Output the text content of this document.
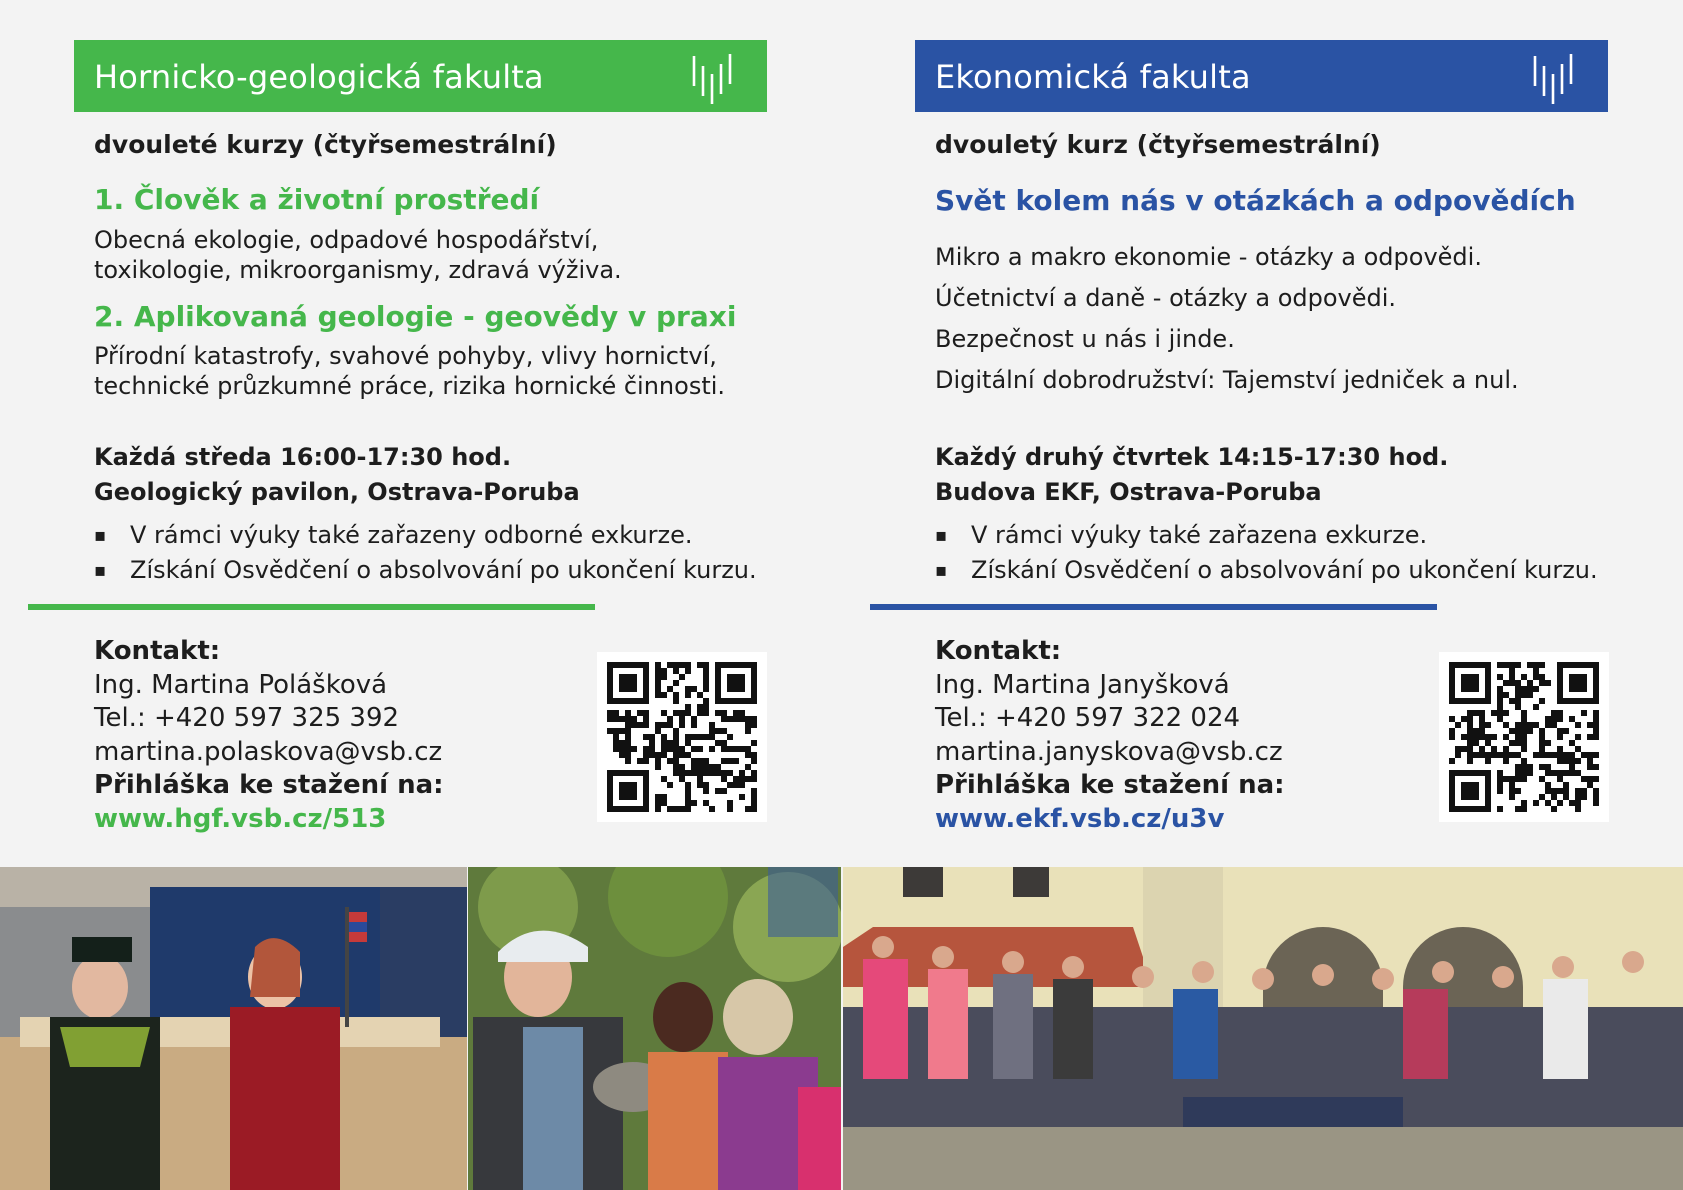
Hornicko-geologická fakulta
dvouleté kurzy (čtyřsemestrální)
1. Člověk a životní prostředí
Obecná ekologie, odpadové hospodářství,
toxikologie, mikroorganismy, zdravá výživa.
2. Aplikovaná geologie - geovědy v praxi
Přírodní katastrofy, svahové pohyby, vlivy hornictví,
technické průzkumné práce, rizika hornické činnosti.
Každá středa 16:00-17:30 hod.
Geologický pavilon, Ostrava-Poruba
▪ V rámci výuky také zařazeny odborné exkurze.
▪ Získání Osvědčení o absolvování po ukončení kurzu.
Kontakt:
Ing. Martina Polášková
Tel.: +420 597 325 392
martina.polaskova@vsb.cz
Přihláška ke stažení na:
www.hgf.vsb.cz/513
Ekonomická fakulta
dvouletý kurz (čtyřsemestrální)
Svět kolem nás v otázkách a odpovědích
Mikro a makro ekonomie - otázky a odpovědi.
Účetnictví a daně - otázky a odpovědi.
Bezpečnost u nás i jinde.
Digitální dobrodružství: Tajemství jedniček a nul.
Každý druhý čtvrtek 14:15-17:30 hod.
Budova EKF, Ostrava-Poruba
▪ V rámci výuky také zařazena exkurze.
▪ Získání Osvědčení o absolvování po ukončení kurzu.
Kontakt:
Ing. Martina Janyšková
Tel.: +420 597 322 024
martina.janyskova@vsb.cz
Přihláška ke stažení na:
www.ekf.vsb.cz/u3v
